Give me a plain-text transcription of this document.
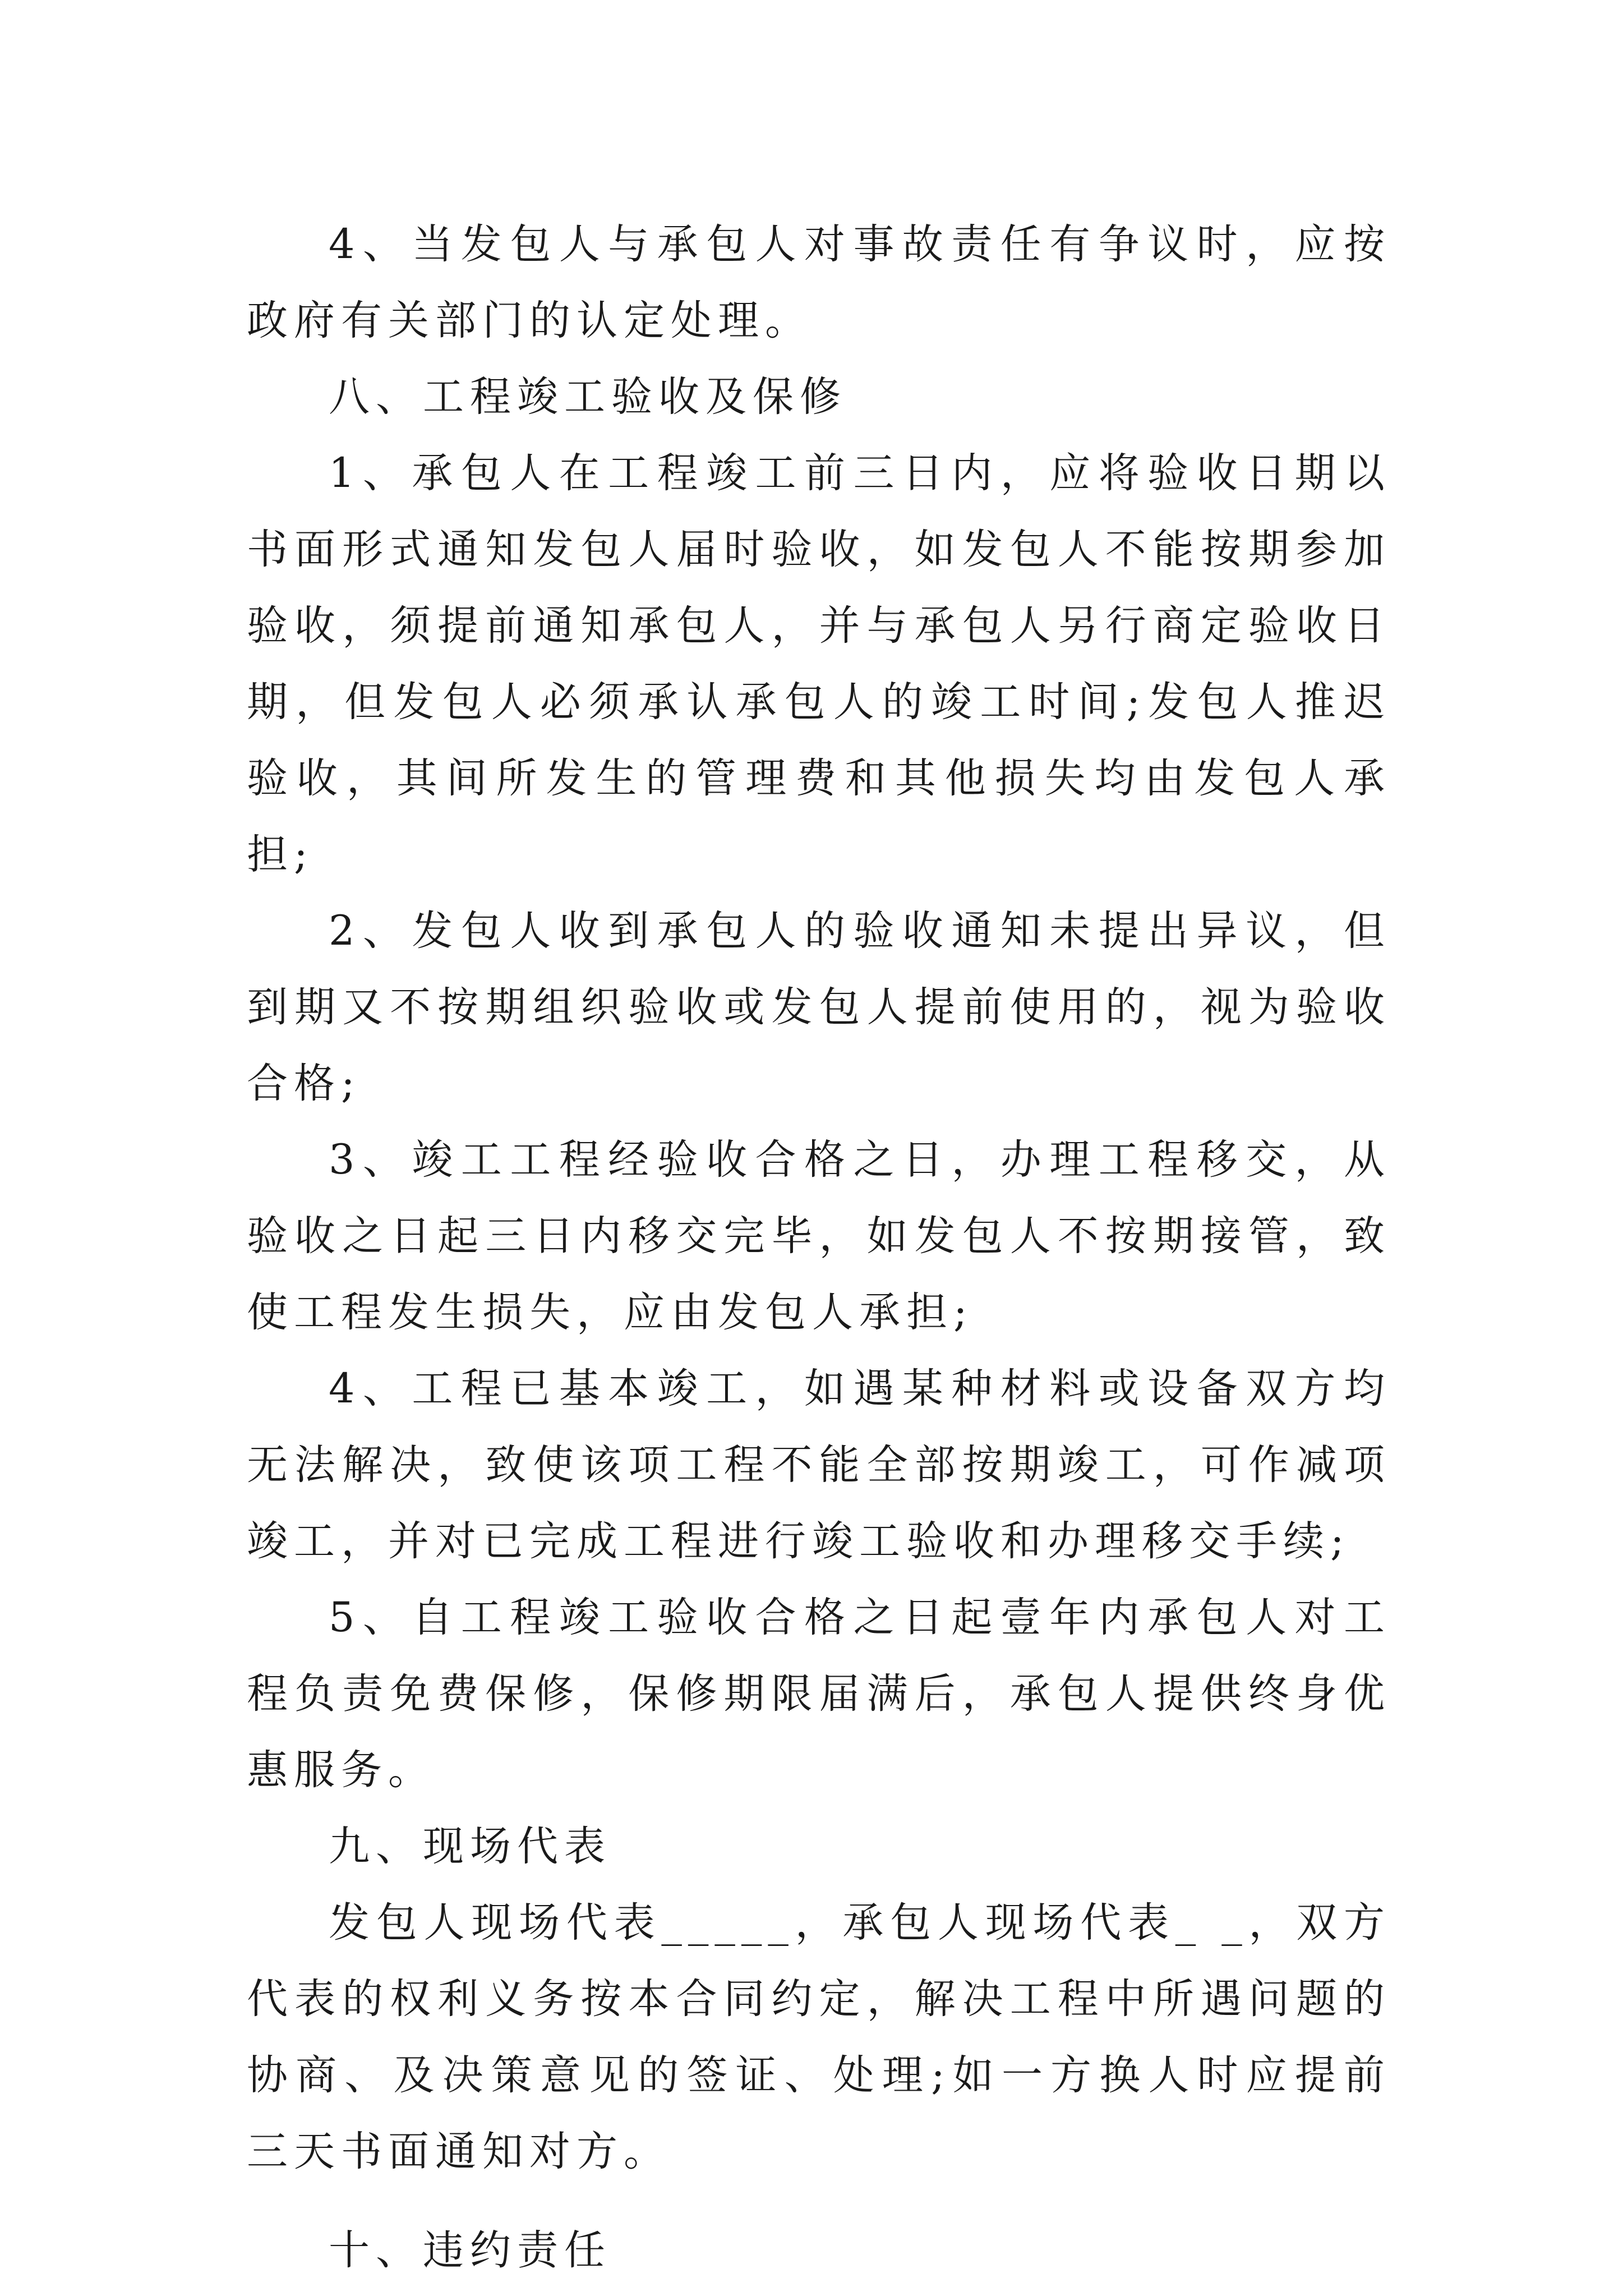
4、当发包人与承包人对事故责任有争议时，应按政府有关部门的认定处理。

八、工程竣工验收及保修

1、承包人在工程竣工前三日内，应将验收日期以书面形式通知发包人届时验收，如发包人不能按期参加验收，须提前通知承包人，并与承包人另行商定验收日期，但发包人必须承认承包人的竣工时间;发包人推迟验收，其间所发生的管理费和其他损失均由发包人承担;

2、发包人收到承包人的验收通知未提出异议，但到期又不按期组织验收或发包人提前使用的，视为验收合格;

3、竣工工程经验收合格之日，办理工程移交，从验收之日起三日内移交完毕，如发包人不按期接管，致使工程发生损失，应由发包人承担;

4、工程已基本竣工，如遇某种材料或设备双方均无法解决，致使该项工程不能全部按期竣工，可作减项竣工，并对已完成工程进行竣工验收和办理移交手续;

5、自工程竣工验收合格之日起壹年内承包人对工程负责免费保修，保修期限届满后，承包人提供终身优惠服务。

九、现场代表

发包人现场代表_____，承包人现场代表_ _，双方代表的权利义务按本合同约定，解决工程中所遇问题的协商、及决策意见的签证、处理;如一方换人时应提前三天书面通知对方。

十、违约责任
